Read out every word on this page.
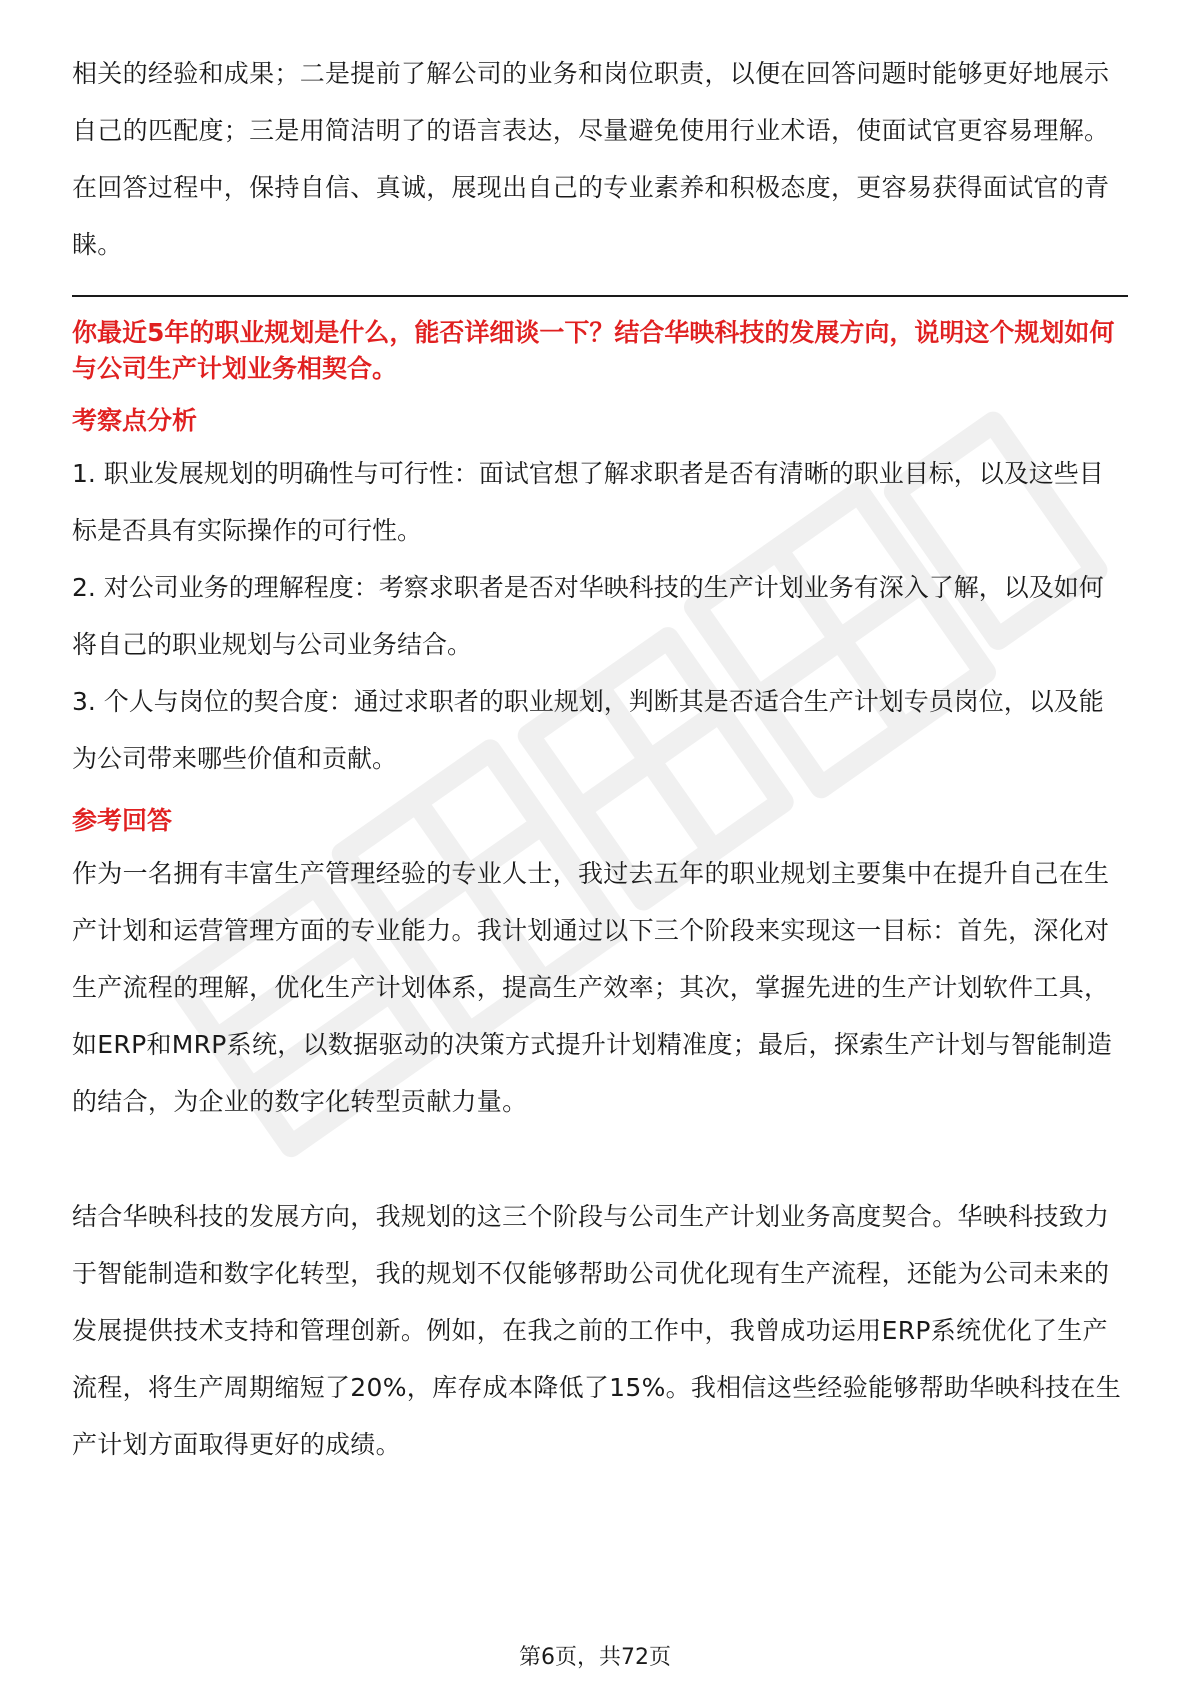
相关的经验和成果；二是提前了解公司的业务和岗位职责，以便在回答问题时能够更好地展示自己的匹配度；三是用简洁明了的语言表达，尽量避免使用行业术语，使面试官更容易理解。在回答过程中，保持自信、真诚，展现出自己的专业素养和积极态度，更容易获得面试官的青睐。

你最近5年的职业规划是什么，能否详细谈一下？结合华映科技的发展方向，说明这个规划如何与公司生产计划业务相契合。

考察点分析

1. 职业发展规划的明确性与可行性：面试官想了解求职者是否有清晰的职业目标，以及这些目标是否具有实际操作的可行性。

2. 对公司业务的理解程度：考察求职者是否对华映科技的生产计划业务有深入了解，以及如何将自己的职业规划与公司业务结合。

3. 个人与岗位的契合度：通过求职者的职业规划，判断其是否适合生产计划专员岗位，以及能为公司带来哪些价值和贡献。

参考回答

作为一名拥有丰富生产管理经验的专业人士，我过去五年的职业规划主要集中在提升自己在生产计划和运营管理方面的专业能力。我计划通过以下三个阶段来实现这一目标：首先，深化对生产流程的理解，优化生产计划体系，提高生产效率；其次，掌握先进的生产计划软件工具，如ERP和MRP系统，以数据驱动的决策方式提升计划精准度；最后，探索生产计划与智能制造的结合，为企业的数字化转型贡献力量。

结合华映科技的发展方向，我规划的这三个阶段与公司生产计划业务高度契合。华映科技致力于智能制造和数字化转型，我的规划不仅能够帮助公司优化现有生产流程，还能为公司未来的发展提供技术支持和管理创新。例如，在我之前的工作中，我曾成功运用ERP系统优化了生产流程，将生产周期缩短了20%，库存成本降低了15%。我相信这些经验能够帮助华映科技在生产计划方面取得更好的成绩。

第6页，共72页
